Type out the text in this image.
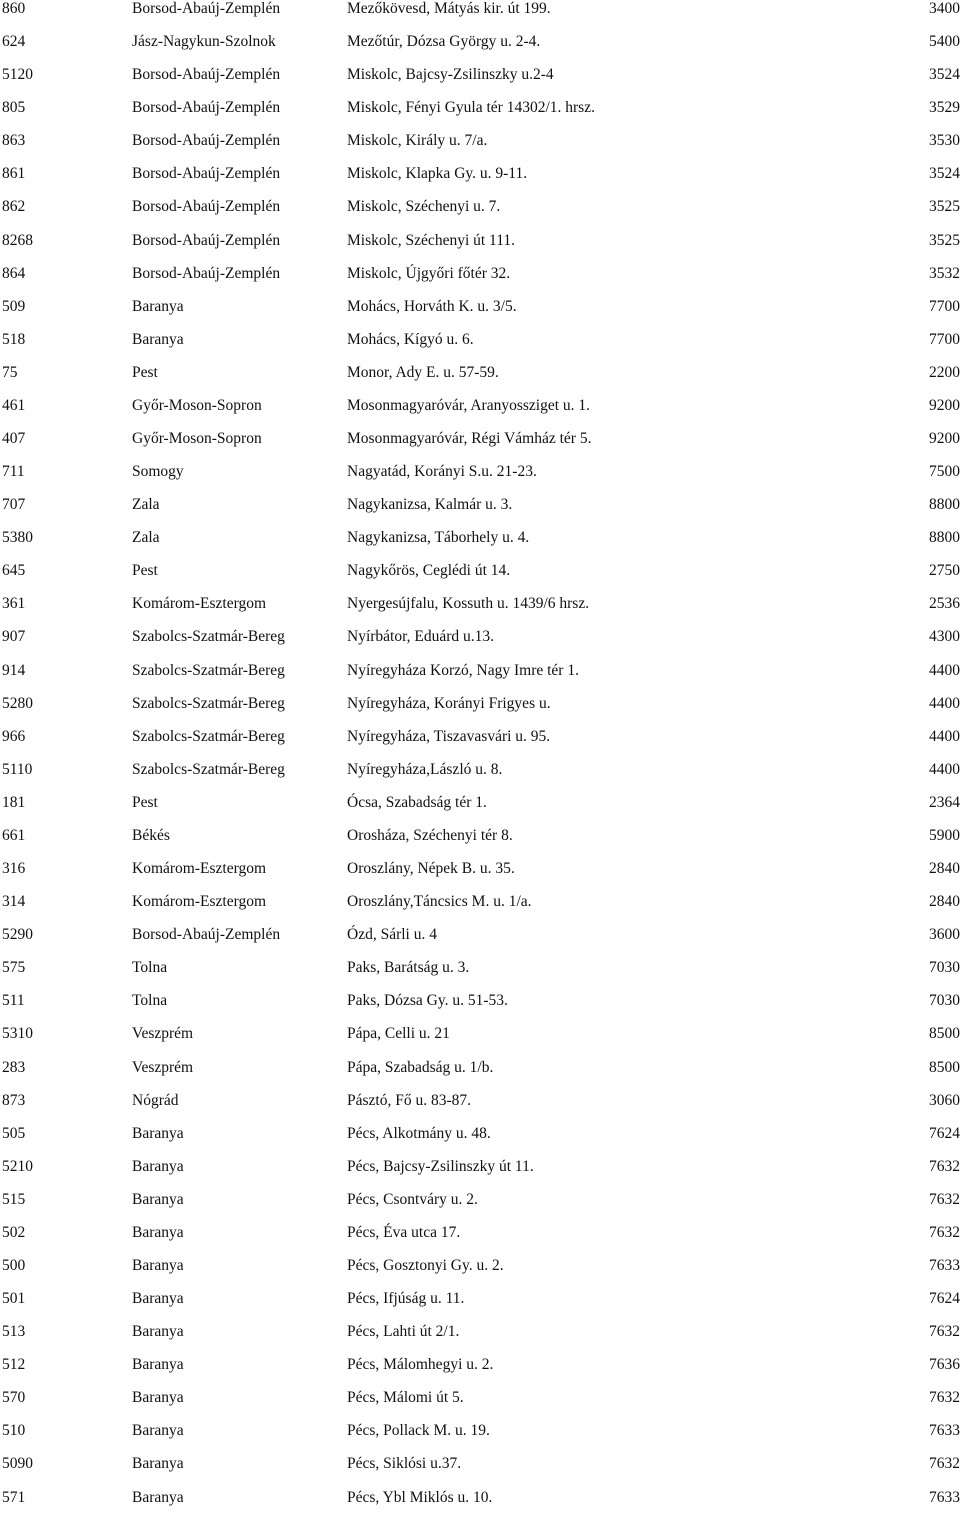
860	Borsod-Abaúj-Zemplén	Mezőkövesd, Mátyás kir. út 199.	3400
624	Jász-Nagykun-Szolnok	Mezőtúr, Dózsa György u. 2-4.	5400
5120	Borsod-Abaúj-Zemplén	Miskolc, Bajcsy-Zsilinszky u.2-4	3524
805	Borsod-Abaúj-Zemplén	Miskolc, Fényi Gyula tér 14302/1. hrsz.	3529
863	Borsod-Abaúj-Zemplén	Miskolc, Király u. 7/a.	3530
861	Borsod-Abaúj-Zemplén	Miskolc, Klapka Gy. u. 9-11.	3524
862	Borsod-Abaúj-Zemplén	Miskolc, Széchenyi u. 7.	3525
8268	Borsod-Abaúj-Zemplén	Miskolc, Széchenyi út 111.	3525
864	Borsod-Abaúj-Zemplén	Miskolc, Újgyőri főtér 32.	3532
509	Baranya	Mohács, Horváth K. u. 3/5.	7700
518	Baranya	Mohács, Kígyó u. 6.	7700
75	Pest	Monor, Ady E. u. 57-59.	2200
461	Győr-Moson-Sopron	Mosonmagyaróvár, Aranyossziget u. 1.	9200
407	Győr-Moson-Sopron	Mosonmagyaróvár, Régi Vámház tér 5.	9200
711	Somogy	Nagyatád, Korányi S.u. 21-23.	7500
707	Zala	Nagykanizsa, Kalmár u. 3.	8800
5380	Zala	Nagykanizsa, Táborhely u. 4.	8800
645	Pest	Nagykőrös, Ceglédi út 14.	2750
361	Komárom-Esztergom	Nyergesújfalu, Kossuth u. 1439/6 hrsz.	2536
907	Szabolcs-Szatmár-Bereg	Nyírbátor, Eduárd u.13.	4300
914	Szabolcs-Szatmár-Bereg	Nyíregyháza Korzó, Nagy Imre tér 1.	4400
5280	Szabolcs-Szatmár-Bereg	Nyíregyháza, Korányi Frigyes u.	4400
966	Szabolcs-Szatmár-Bereg	Nyíregyháza, Tiszavasvári u. 95.	4400
5110	Szabolcs-Szatmár-Bereg	Nyíregyháza,László u. 8.	4400
181	Pest	Ócsa, Szabadság tér 1.	2364
661	Békés	Orosháza, Széchenyi tér 8.	5900
316	Komárom-Esztergom	Oroszlány, Népek B. u. 35.	2840
314	Komárom-Esztergom	Oroszlány,Táncsics M. u. 1/a.	2840
5290	Borsod-Abaúj-Zemplén	Ózd, Sárli u. 4	3600
575	Tolna	Paks, Barátság u. 3.	7030
511	Tolna	Paks, Dózsa Gy. u. 51-53.	7030
5310	Veszprém	Pápa, Celli u. 21	8500
283	Veszprém	Pápa, Szabadság u. 1/b.	8500
873	Nógrád	Pásztó, Fő u. 83-87.	3060
505	Baranya	Pécs, Alkotmány u. 48.	7624
5210	Baranya	Pécs, Bajcsy-Zsilinszky út 11.	7632
515	Baranya	Pécs, Csontváry u. 2.	7632
502	Baranya	Pécs, Éva utca 17.	7632
500	Baranya	Pécs, Gosztonyi Gy. u. 2.	7633
501	Baranya	Pécs, Ifjúság u. 11.	7624
513	Baranya	Pécs, Lahti út 2/1.	7632
512	Baranya	Pécs, Málomhegyi u. 2.	7636
570	Baranya	Pécs, Málomi út 5.	7632
510	Baranya	Pécs, Pollack M. u. 19.	7633
5090	Baranya	Pécs, Siklósi u.37.	7632
571	Baranya	Pécs, Ybl Miklós u. 10.	7633
